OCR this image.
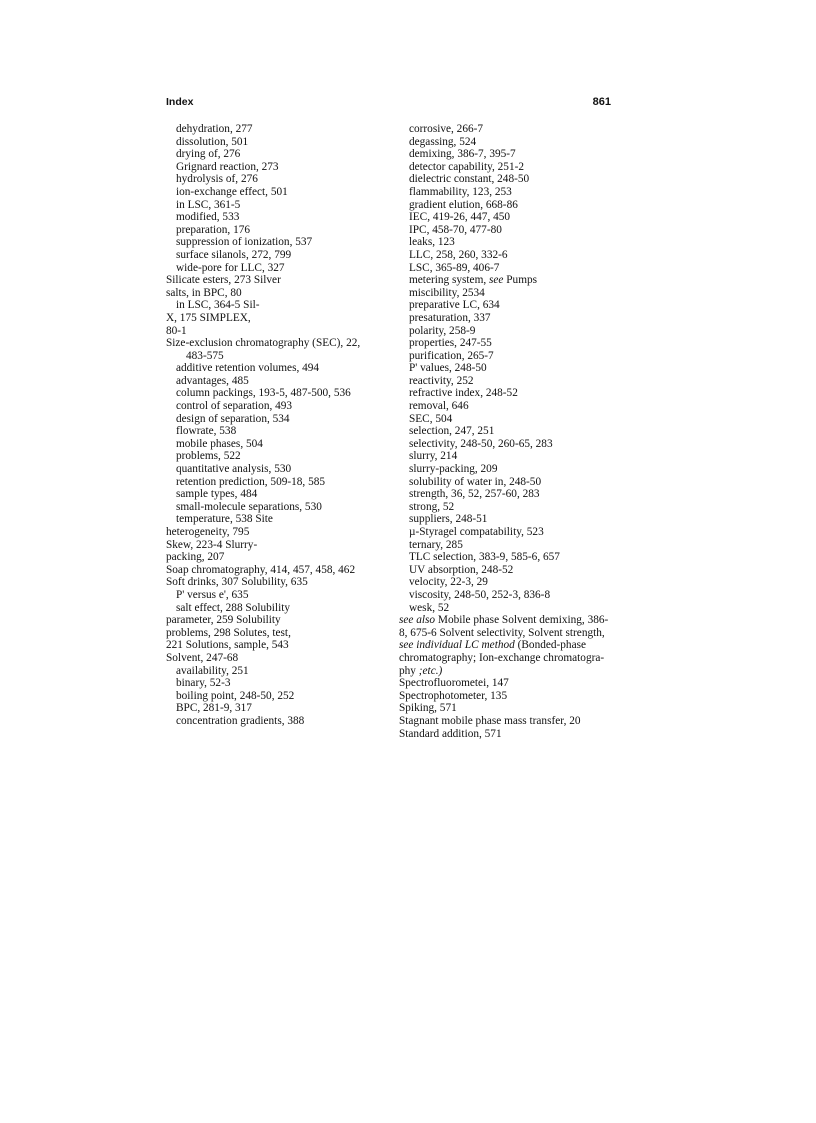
Index	861
dehydration, 277
dissolution, 501
drying of, 276
Grignard reaction, 273
hydrolysis of, 276
ion-exchange effect, 501
in LSC, 361-5
modified, 533
preparation, 176
suppression of ionization, 537
surface silanols, 272, 799
wide-pore for LLC, 327
Silicate esters, 273 Silver
salts, in BPC, 80
in LSC, 364-5 Sil-
X, 175 SIMPLEX,
80-1
Size-exclusion chromatography (SEC), 22,
483-575
additive retention volumes, 494
advantages, 485
column packings, 193-5, 487-500, 536
control of separation, 493
design of separation, 534
flowrate, 538
mobile phases, 504
problems, 522
quantitative analysis, 530
retention prediction, 509-18, 585
sample types, 484
small-molecule separations, 530
temperature, 538 Site
heterogeneity, 795
Skew, 223-4 Slurry-
packing, 207
Soap chromatography, 414, 457, 458, 462
Soft drinks, 307 Solubility, 635
P' versus e', 635
salt effect, 288 Solubility
parameter, 259 Solubility
problems, 298 Solutes, test,
221 Solutions, sample, 543
Solvent, 247-68
availability, 251
binary, 52-3
boiling point, 248-50, 252
BPC, 281-9, 317
concentration gradients, 388
corrosive, 266-7
degassing, 524
demixing, 386-7, 395-7
detector capability, 251-2
dielectric constant, 248-50
flammability, 123, 253
gradient elution, 668-86
IEC, 419-26, 447, 450
IPC, 458-70, 477-80
leaks, 123
LLC, 258, 260, 332-6
LSC, 365-89, 406-7
metering system, see Pumps
miscibility, 2534
preparative LC, 634
presaturation, 337
polarity, 258-9
properties, 247-55
purification, 265-7
P' values, 248-50
reactivity, 252
refractive index, 248-52
removal, 646
SEC, 504
selection, 247, 251
selectivity, 248-50, 260-65, 283
slurry, 214
slurry-packing, 209
solubility of water in, 248-50
strength, 36, 52, 257-60, 283
strong, 52
suppliers, 248-51
µ-Styragel compatability, 523
ternary, 285
TLC selection, 383-9, 585-6, 657
UV absorption, 248-52
velocity, 22-3, 29
viscosity, 248-50, 252-3, 836-8
wesk, 52
see also Mobile phase Solvent demixing, 386-
8, 675-6 Solvent selectivity, Solvent strength,
see individual LC method (Bonded-phase
chromatography; Ion-exchange chromatogra-
phy ;etc.)
Spectrofluorometei, 147
Spectrophotometer, 135
Spiking, 571
Stagnant mobile phase mass transfer, 20
Standard addition, 571
